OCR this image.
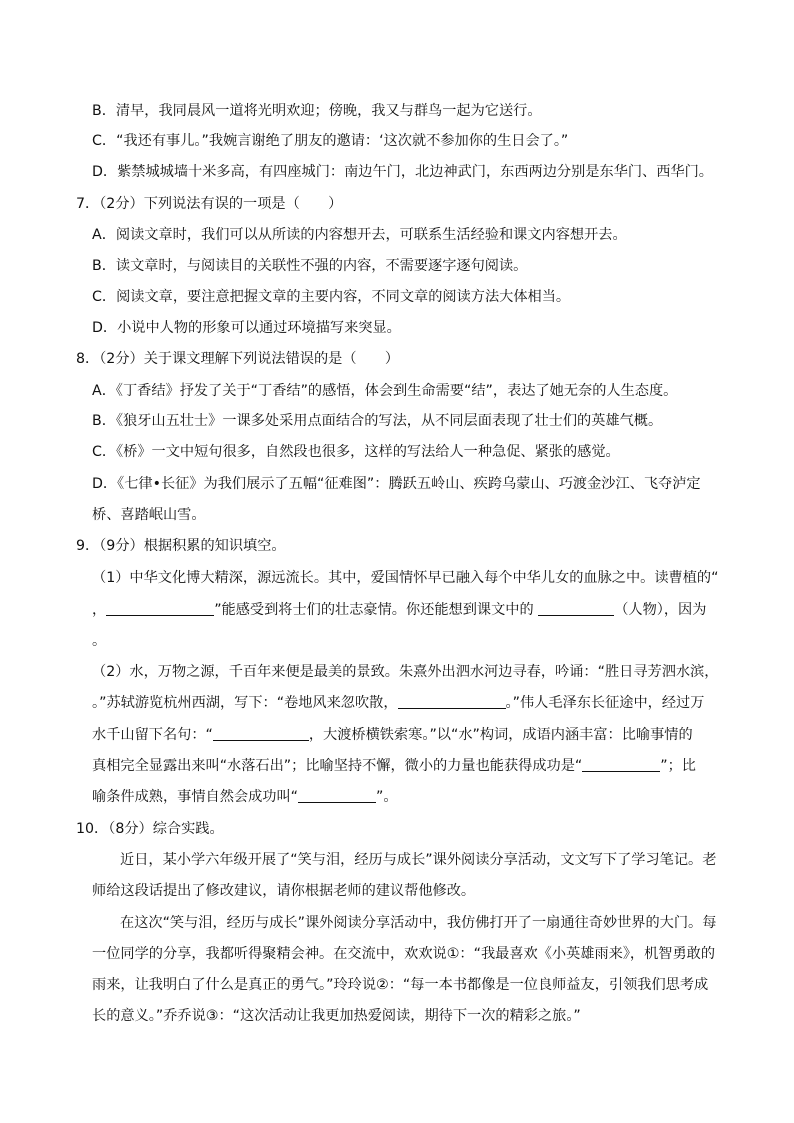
B．清早，我同晨风一道将光明欢迎；傍晚，我又与群鸟一起为它送行。
C．“我还有事儿。”我婉言谢绝了朋友的邀请：‘这次就不参加你的生日会了。”
D．紫禁城城墙十米多高，有四座城门：南边午门，北边神武门，东西两边分别是东华门、西华门。
7．（2分）下列说法有误的一项是（　　）
A．阅读文章时，我们可以从所读的内容想开去，可联系生活经验和课文内容想开去。
B．读文章时，与阅读目的关联性不强的内容，不需要逐字逐句阅读。
C．阅读文章，要注意把握文章的主要内容，不同文章的阅读方法大体相当。
D．小说中人物的形象可以通过环境描写来突显。
8．（2分）关于课文理解下列说法错误的是（　　）
A．《丁香结》抒发了关于“丁香结”的感悟，体会到生命需要“结”，表达了她无奈的人生态度。
B．《狼牙山五壮士》一课多处采用点面结合的写法，从不同层面表现了壮士们的英雄气概。
C．《桥》一文中短句很多，自然段也很多，这样的写法给人一种急促、紧张的感觉。
D．《七律•长征》为我们展示了五幅“征难图”：腾跃五岭山、疾跨乌蒙山、巧渡金沙江、飞夺泸定
桥、喜踏岷山雪。
9．（9分）根据积累的知识填空。
（1）中华文化博大精深，源远流长。其中，爱国情怀早已融入每个中华儿女的血脉之中。读曹植的“
，	”能感受到将士们的壮志豪情。你还能想到课文中的	（人物），因为
。
（2）水，万物之源，千百年来便是最美的景致。朱熹外出泗水河边寻春，吟诵：“胜日寻芳泗水滨，
。”苏轼游览杭州西湖，写下：“卷地风来忽吹散，	。”伟人毛泽东长征途中，经过万
水千山留下名句：“	，大渡桥横铁索寒。”以“水”构词，成语内涵丰富：比喻事情的
真相完全显露出来叫“水落石出”；比喻坚持不懈，微小的力量也能获得成功是“	”；比
喻条件成熟，事情自然会成功叫“	”。
10．（8分）综合实践。
近日，某小学六年级开展了“笑与泪，经历与成长”课外阅读分享活动，文文写下了学习笔记。老
师给这段话提出了修改建议，请你根据老师的建议帮他修改。
在这次“笑与泪，经历与成长”课外阅读分享活动中，我仿佛打开了一扇通往奇妙世界的大门。每
一位同学的分享，我都听得聚精会神。在交流中，欢欢说①：“我最喜欢《小英雄雨来》，机智勇敢的
雨来，让我明白了什么是真正的勇气。”玲玲说②：“每一本书都像是一位良师益友，引领我们思考成
长的意义。”乔乔说③：“这次活动让我更加热爱阅读，期待下一次的精彩之旅。”
